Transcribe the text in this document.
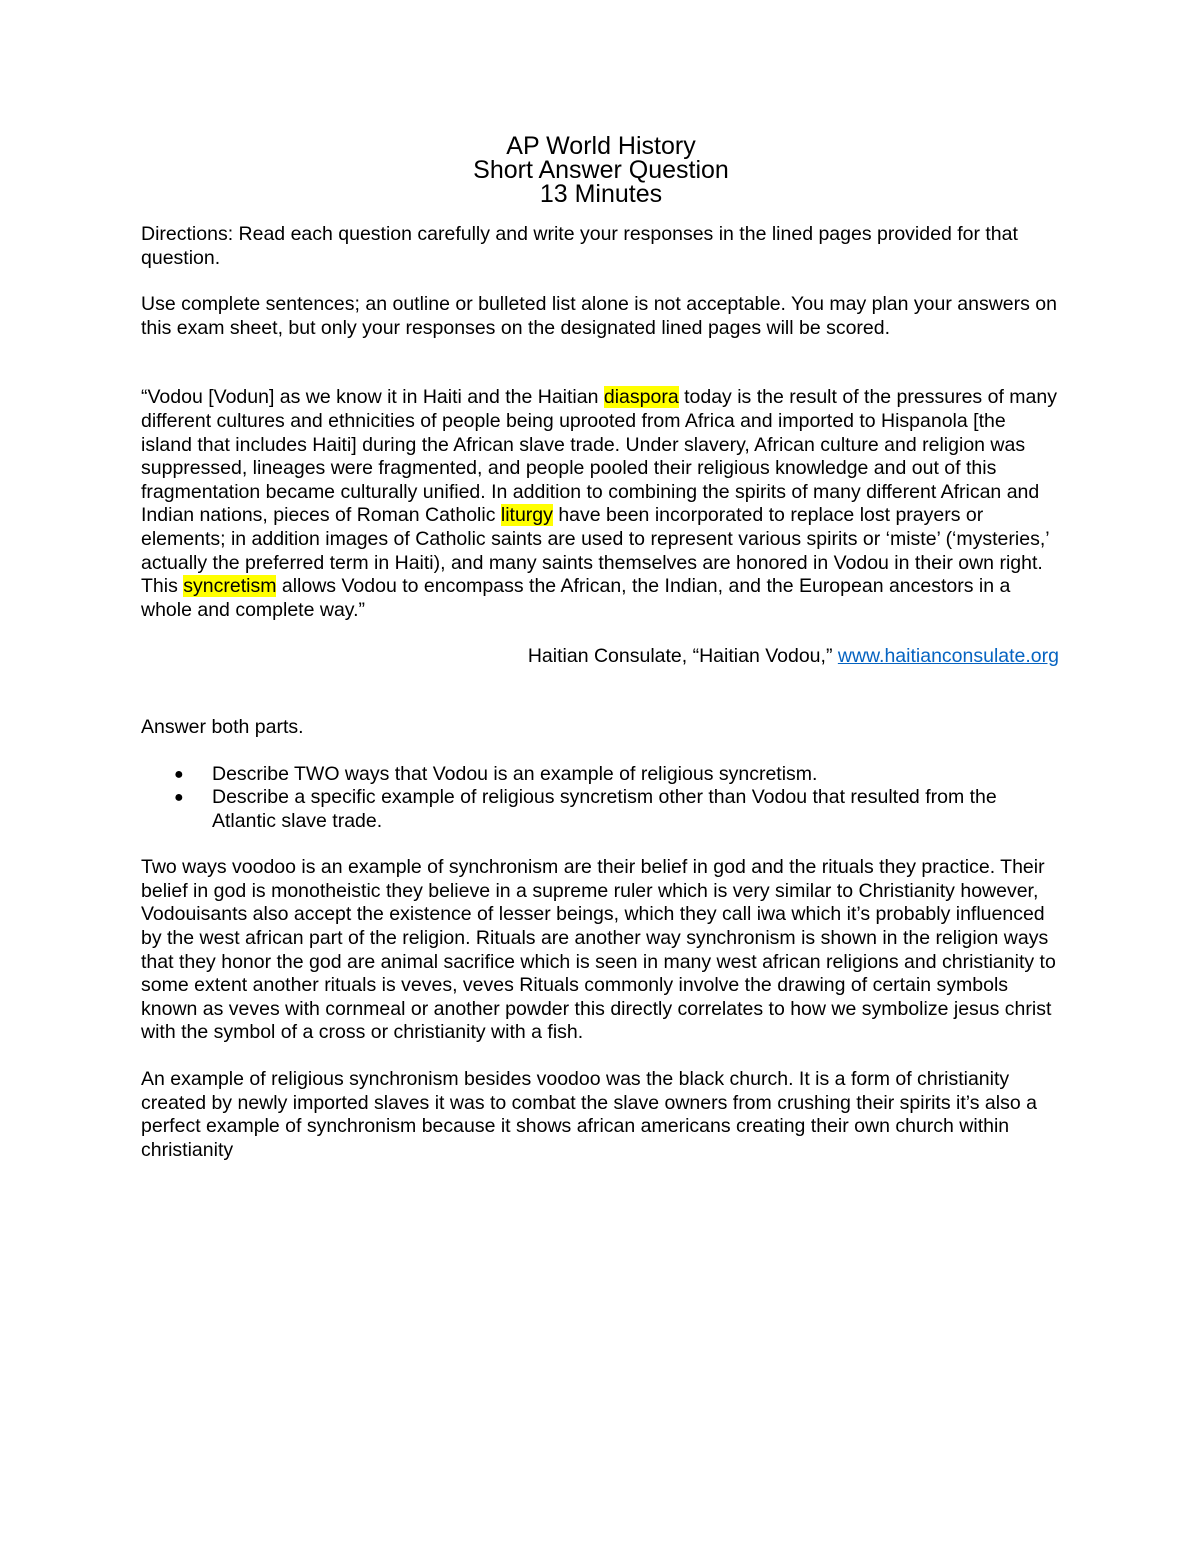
AP World History
Short Answer Question
13 Minutes

Directions: Read each question carefully and write your responses in the lined pages provided for that question.

Use complete sentences; an outline or bulleted list alone is not acceptable. You may plan your answers on this exam sheet, but only your responses on the designated lined pages will be scored.

“Vodou [Vodun] as we know it in Haiti and the Haitian diaspora today is the result of the pressures of many different cultures and ethnicities of people being uprooted from Africa and imported to Hispanola [the island that includes Haiti] during the African slave trade. Under slavery, African culture and religion was suppressed, lineages were fragmented, and people pooled their religious knowledge and out of this fragmentation became culturally unified. In addition to combining the spirits of many different African and Indian nations, pieces of Roman Catholic liturgy have been incorporated to replace lost prayers or elements; in addition images of Catholic saints are used to represent various spirits or ‘miste’ (‘mysteries,’ actually the preferred term in Haiti), and many saints themselves are honored in Vodou in their own right. This syncretism allows Vodou to encompass the African, the Indian, and the European ancestors in a whole and complete way.”

Haitian Consulate, “Haitian Vodou,” www.haitianconsulate.org

Answer both parts.

● Describe TWO ways that Vodou is an example of religious syncretism.
● Describe a specific example of religious syncretism other than Vodou that resulted from the Atlantic slave trade.

Two ways voodoo is an example of synchronism are their belief in god and the rituals they practice. Their belief in god is monotheistic they believe in a supreme ruler which is very similar to Christianity however, Vodouisants also accept the existence of lesser beings, which they call iwa which it’s probably influenced by the west african part of the religion. Rituals are another way synchronism is shown in the religion ways that they honor the god are animal sacrifice which is seen in many west african religions and christianity to some extent another rituals is veves, veves Rituals commonly involve the drawing of certain symbols known as veves with cornmeal or another powder this directly correlates to how we symbolize jesus christ with the symbol of a cross or christianity with a fish.

An example of religious synchronism besides voodoo was the black church. It is a form of christianity created by newly imported slaves it was to combat the slave owners from crushing their spirits it’s also a perfect example of synchronism because it shows african americans creating their own church within christianity
